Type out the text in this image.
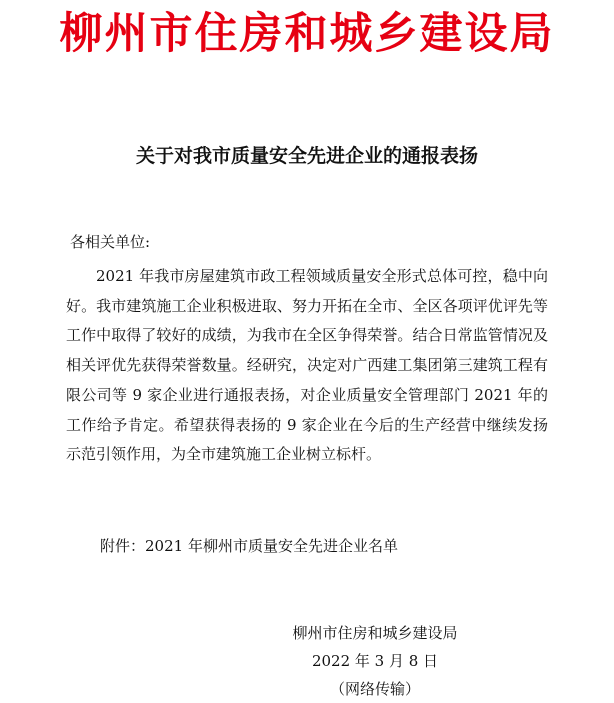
柳州市住房和城乡建设局
关于对我市质量安全先进企业的通报表扬
各相关单位:

2021 年我市房屋建筑市政工程领域质量安全形式总体可控，稳中向好。我市建筑施工企业积极进取、努力开拓在全市、全区各项评优评先等工作中取得了较好的成绩，为我市在全区争得荣誉。结合日常监管情况及相关评优先获得荣誉数量。经研究，决定对广西建工集团第三建筑工程有限公司等 9 家企业进行通报表扬，对企业质量安全管理部门 2021 年的工作给予肯定。希望获得表扬的 9 家企业在今后的生产经营中继续发扬示范引领作用，为全市建筑施工企业树立标杆。

附件：2021 年柳州市质量安全先进企业名单
柳州市住房和城乡建设局
2022 年 3 月 8 日
（网络传输）
